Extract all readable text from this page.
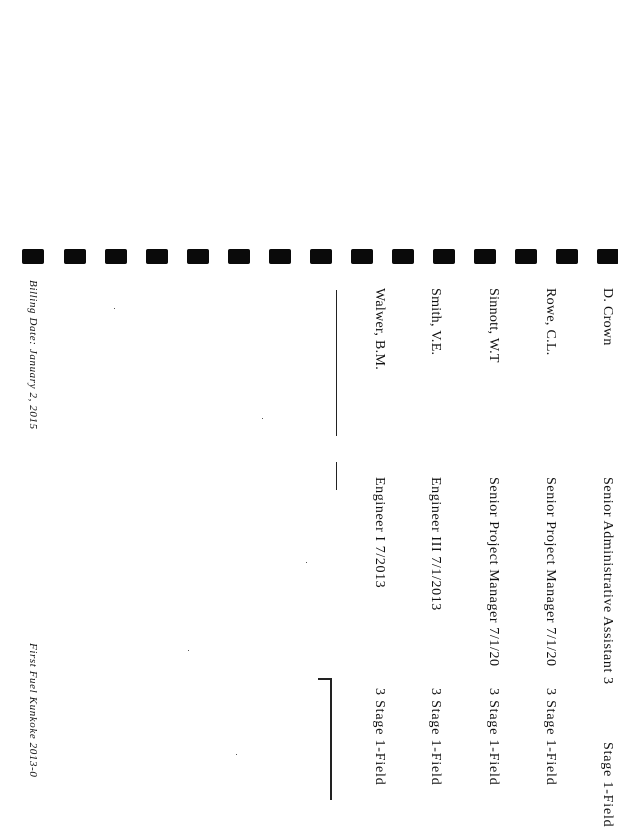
Billing Date: January 2, 2015
First Fuel Kunkoke 2013-0
Walwer, B.M.
Engineer I 7/2013
3 Stage 1-Field
Smith, V.E.
Engineer III 7/1/2013
3 Stage 1-Field
Sinnott, W.T
Senior Project Manager 7/1/20
3 Stage 1-Field
Rowe, C.L.
Senior Project Manager 7/1/20
3 Stage 1-Field
D. Crown
Senior Administrative Assistant 3
Stage 1-Field
